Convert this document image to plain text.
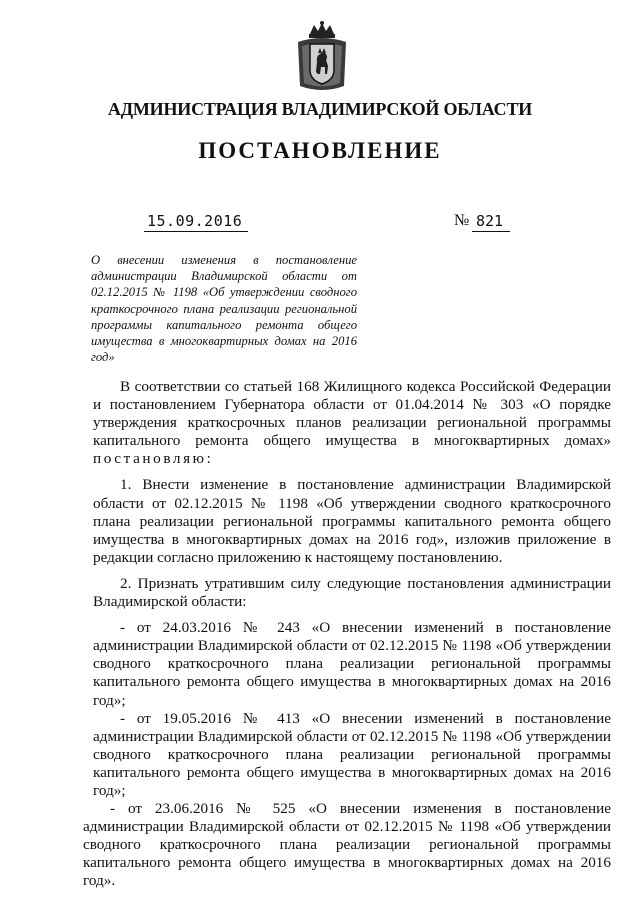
АДМИНИСТРАЦИЯ ВЛАДИМИРСКОЙ ОБЛАСТИ
ПОСТАНОВЛЕНИЕ
15.09.2016	№ 821
О внесении изменения в постановление администрации Владимирской области от 02.12.2015 № 1198 «Об утверждении сводного краткосрочного плана реализации региональной программы капитального ремонта общего имущества в многоквартирных домах на 2016 год»

В соответствии со статьей 168 Жилищного кодекса Российской Федерации и постановлением Губернатора области от 01.04.2014 № 303 «О порядке утверждения краткосрочных планов реализации региональной программы капитального ремонта общего имущества в многоквартирных домах» постановляю:

1. Внести изменение в постановление администрации Владимирской области от 02.12.2015 № 1198 «Об утверждении сводного краткосрочного плана реализации региональной программы капитального ремонта общего имущества в многоквартирных домах на 2016 год», изложив приложение в редакции согласно приложению к настоящему постановлению.

2. Признать утратившим силу следующие постановления администрации Владимирской области:

- от 24.03.2016 № 243 «О внесении изменений в постановление администрации Владимирской области от 02.12.2015 № 1198 «Об утверждении сводного краткосрочного плана реализации региональной программы капитального ремонта общего имущества в многоквартирных домах на 2016 год»;

- от 19.05.2016 № 413 «О внесении изменений в постановление администрации Владимирской области от 02.12.2015 № 1198 «Об утверждении сводного краткосрочного плана реализации региональной программы капитального ремонта общего имущества в многоквартирных домах на 2016 год»;

- от 23.06.2016 № 525 «О внесении изменения в постановление администрации Владимирской области от 02.12.2015 № 1198 «Об утверждении сводного краткосрочного плана реализации региональной программы капитального ремонта общего имущества в многоквартирных домах на 2016 год».
